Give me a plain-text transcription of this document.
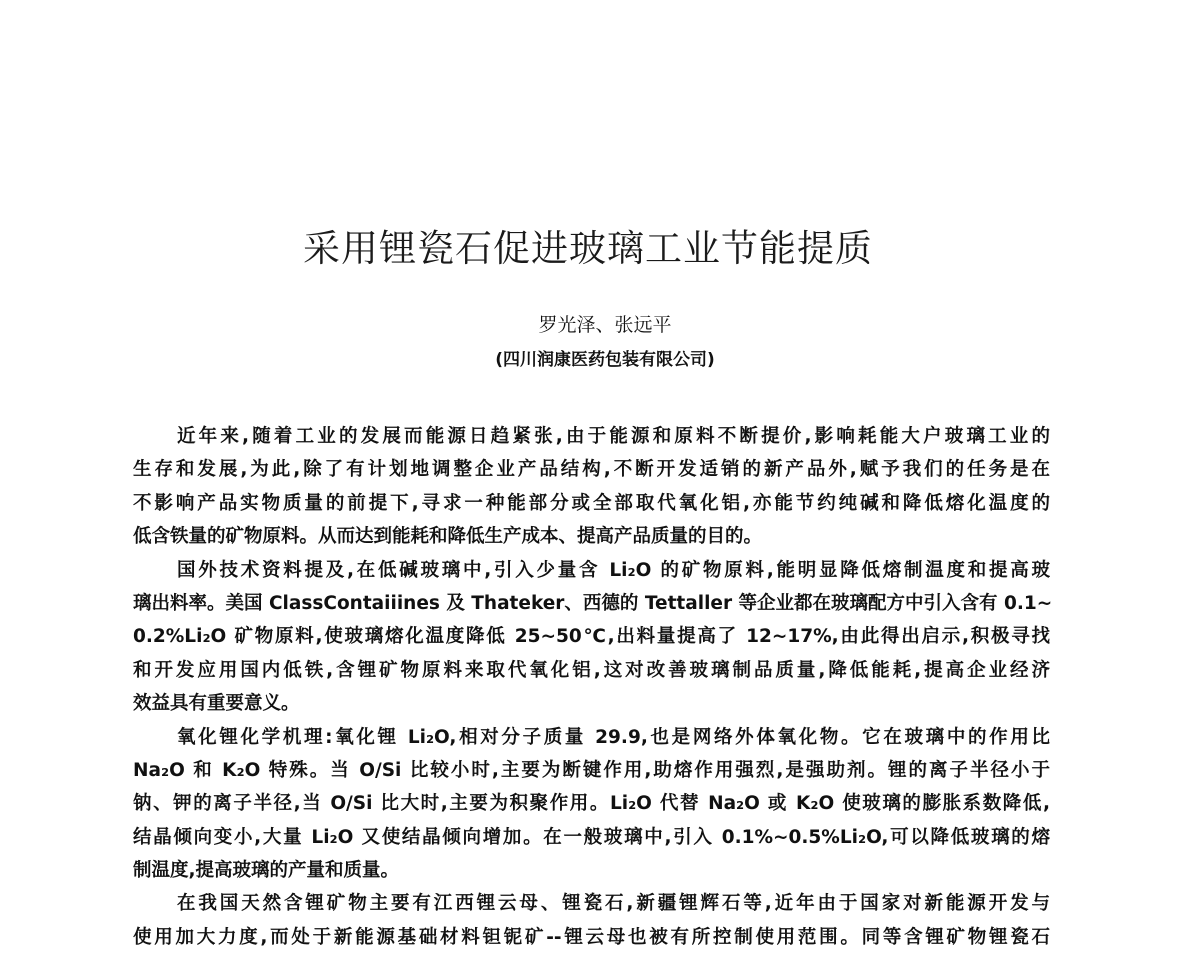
采用锂瓷石促进玻璃工业节能提质
罗光泽、张远平
(四川润康医药包装有限公司)
近年来,随着工业的发展而能源日趋紧张,由于能源和原料不断提价,影响耗能大户玻璃工业的
生存和发展,为此,除了有计划地调整企业产品结构,不断开发适销的新产品外,赋予我们的任务是在
不影响产品实物质量的前提下,寻求一种能部分或全部取代氧化铝,亦能节约纯碱和降低熔化温度的
低含铁量的矿物原料。从而达到能耗和降低生产成本、提高产品质量的目的。
国外技术资料提及,在低碱玻璃中,引入少量含 Li₂O 的矿物原料,能明显降低熔制温度和提高玻
璃出料率。美国 ClassContaiiines 及 Thateker、西德的 Tettaller 等企业都在玻璃配方中引入含有 0.1~
0.2%Li₂O 矿物原料,使玻璃熔化温度降低 25~50℃,出料量提高了 12~17%,由此得出启示,积极寻找
和开发应用国内低铁,含锂矿物原料来取代氧化铝,这对改善玻璃制品质量,降低能耗,提高企业经济
效益具有重要意义。
氧化锂化学机理:氧化锂 Li₂O,相对分子质量 29.9,也是网络外体氧化物。它在玻璃中的作用比
Na₂O 和 K₂O 特殊。当 O/Si 比较小时,主要为断键作用,助熔作用强烈,是强助剂。锂的离子半径小于
钠、钾的离子半径,当 O/Si 比大时,主要为积聚作用。Li₂O 代替 Na₂O 或 K₂O 使玻璃的膨胀系数降低,
结晶倾向变小,大量 Li₂O 又使结晶倾向增加。在一般玻璃中,引入 0.1%~0.5%Li₂O,可以降低玻璃的熔
制温度,提高玻璃的产量和质量。
在我国天然含锂矿物主要有江西锂云母、锂瓷石,新疆锂辉石等,近年由于国家对新能源开发与
使用加大力度,而处于新能源基础材料钽铌矿--锂云母也被有所控制使用范围。同等含锂矿物锂瓷石
